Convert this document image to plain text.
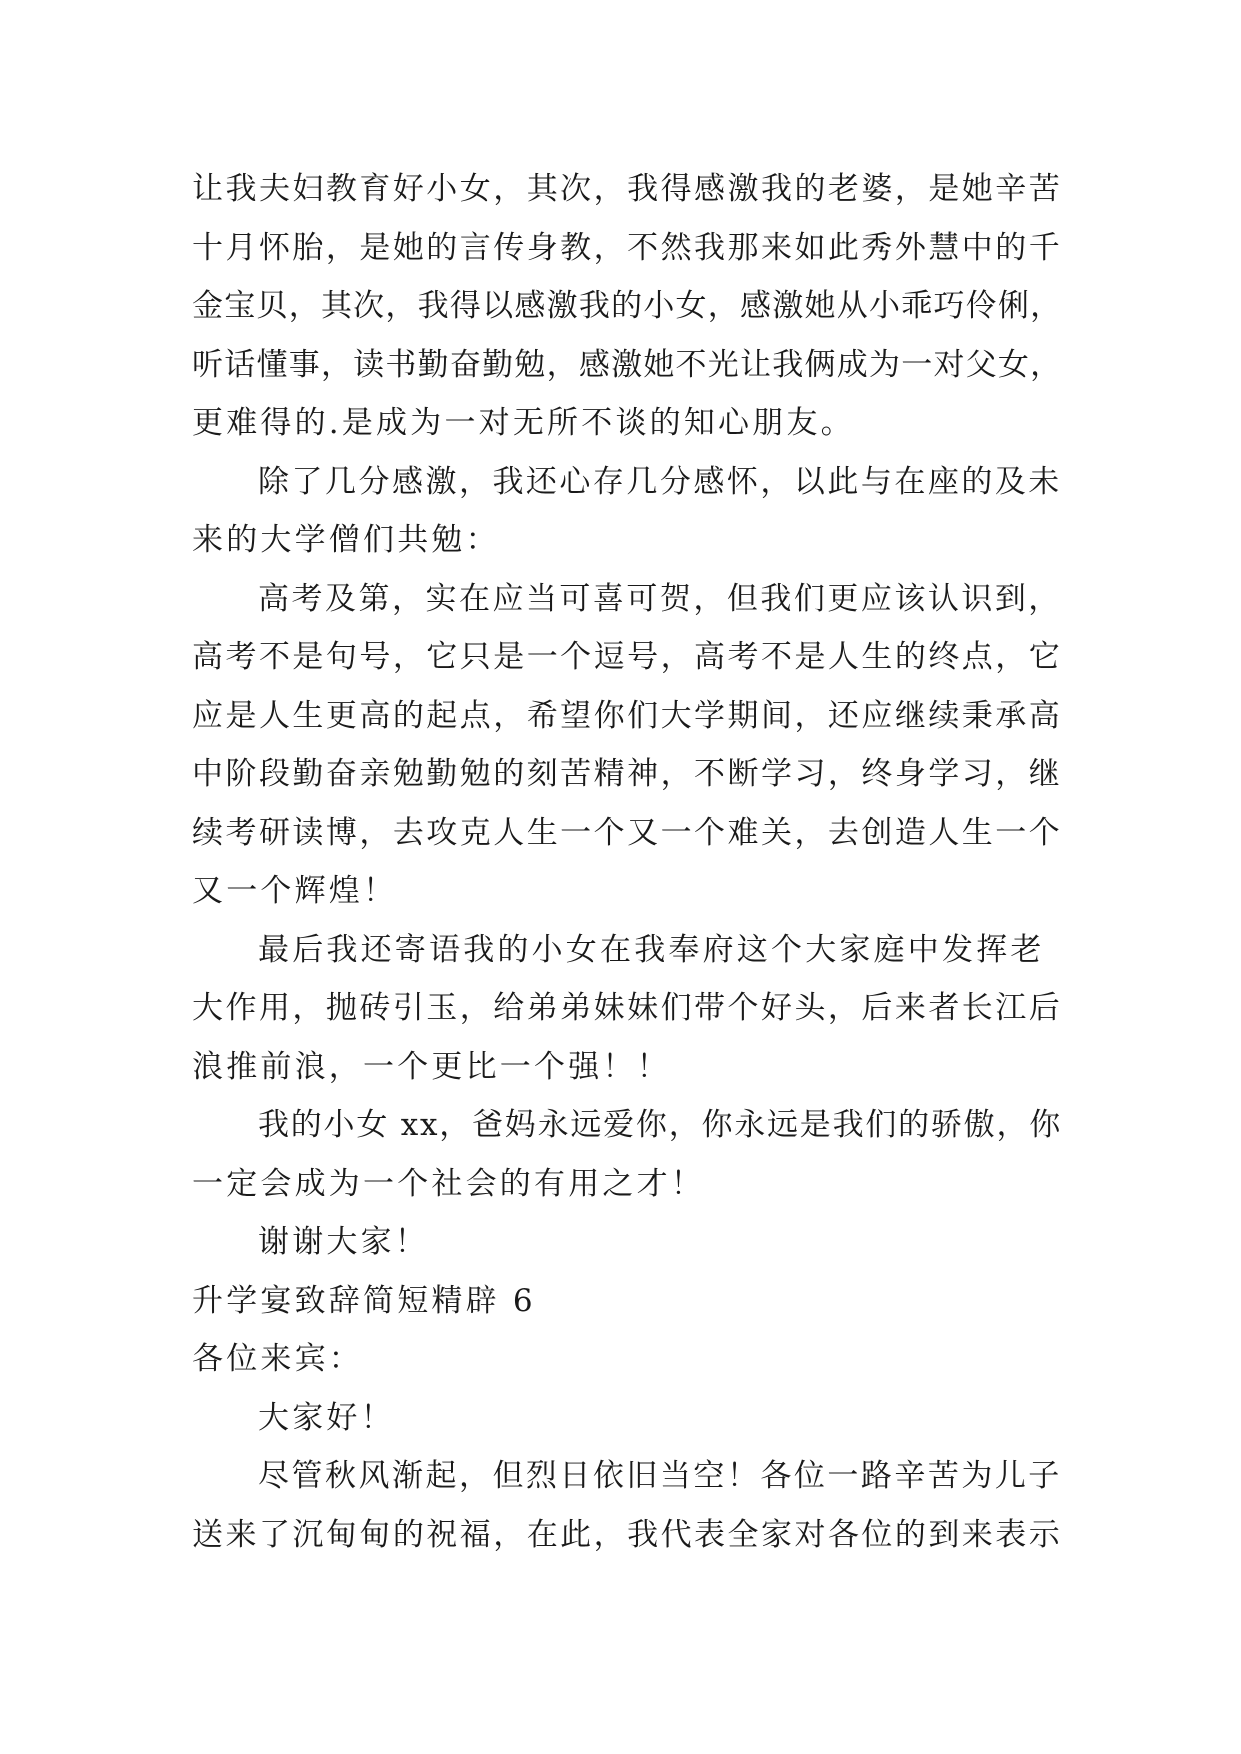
让我夫妇教育好小女，其次，我得感激我的老婆，是她辛苦
十月怀胎，是她的言传身教，不然我那来如此秀外慧中的千
金宝贝，其次，我得以感激我的小女，感激她从小乖巧伶俐，
听话懂事，读书勤奋勤勉，感激她不光让我俩成为一对父女，
更难得的.是成为一对无所不谈的知心朋友。
除了几分感激，我还心存几分感怀，以此与在座的及未
来的大学僧们共勉：
高考及第，实在应当可喜可贺，但我们更应该认识到，
高考不是句号，它只是一个逗号，高考不是人生的终点，它
应是人生更高的起点，希望你们大学期间，还应继续秉承高
中阶段勤奋亲勉勤勉的刻苦精神，不断学习，终身学习，继
续考研读博，去攻克人生一个又一个难关，去创造人生一个
又一个辉煌！
最后我还寄语我的小女在我奉府这个大家庭中发挥老
大作用，抛砖引玉，给弟弟妹妹们带个好头，后来者长江后
浪推前浪，一个更比一个强！！
我的小女 xx，爸妈永远爱你，你永远是我们的骄傲，你
一定会成为一个社会的有用之才！
谢谢大家！
升学宴致辞简短精辟 6
各位来宾：
大家好！
尽管秋风渐起，但烈日依旧当空！各位一路辛苦为儿子
送来了沉甸甸的祝福，在此，我代表全家对各位的到来表示
